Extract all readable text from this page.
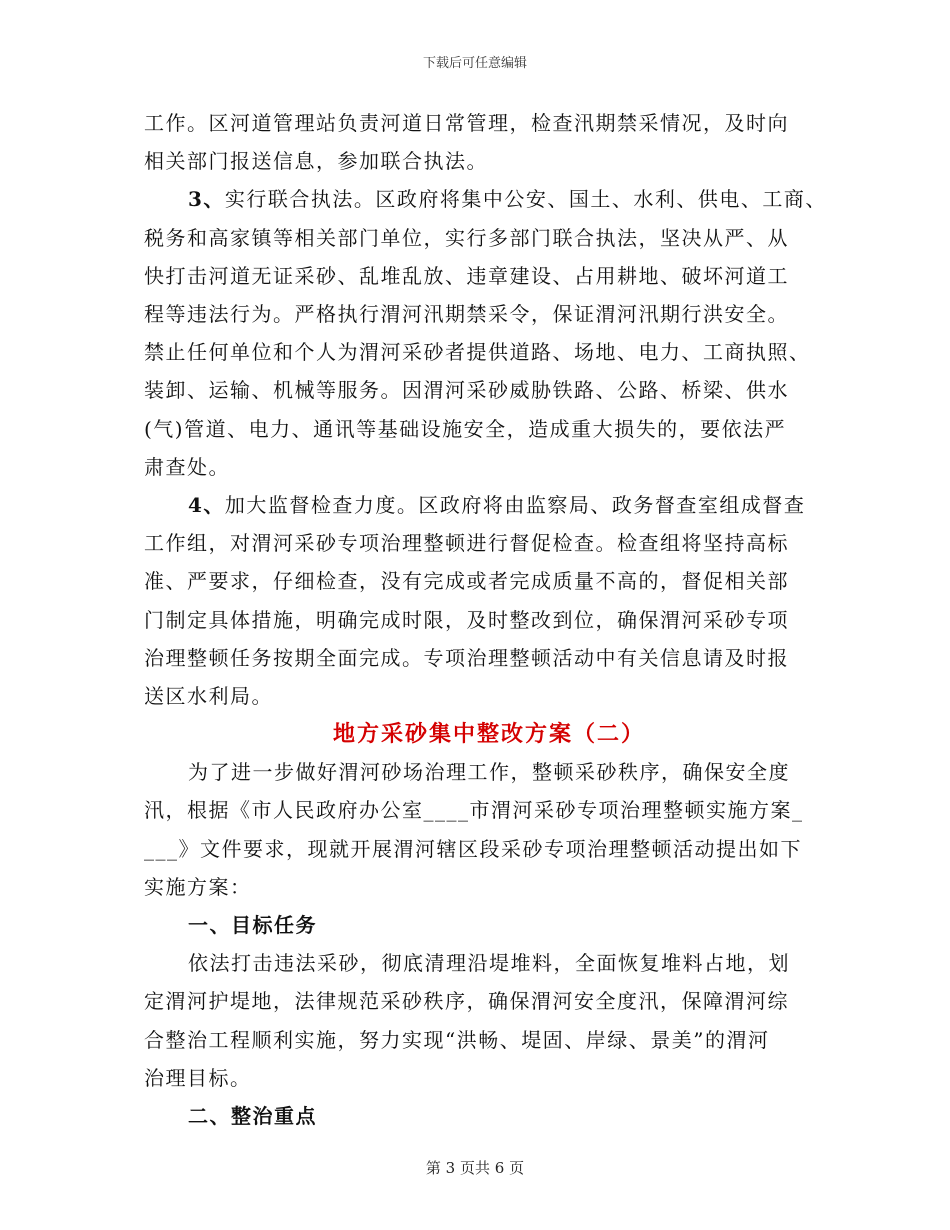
下载后可任意编辑

工作。区河道管理站负责河道日常管理，检查汛期禁采情况，及时向
相关部门报送信息，参加联合执法。

3、实行联合执法。区政府将集中公安、国土、水利、供电、工商、
税务和高家镇等相关部门单位，实行多部门联合执法，坚决从严、从
快打击河道无证采砂、乱堆乱放、违章建设、占用耕地、破坏河道工
程等违法行为。严格执行渭河汛期禁采令，保证渭河汛期行洪安全。
禁止任何单位和个人为渭河采砂者提供道路、场地、电力、工商执照、
装卸、运输、机械等服务。因渭河采砂威胁铁路、公路、桥梁、供水
(气)管道、电力、通讯等基础设施安全，造成重大损失的，要依法严
肃查处。

4、加大监督检查力度。区政府将由监察局、政务督查室组成督查
工作组，对渭河采砂专项治理整顿进行督促检查。检查组将坚持高标
准、严要求，仔细检查，没有完成或者完成质量不高的，督促相关部
门制定具体措施，明确完成时限，及时整改到位，确保渭河采砂专项
治理整顿任务按期全面完成。专项治理整顿活动中有关信息请及时报
送区水利局。

地方采砂集中整改方案（二）

为了进一步做好渭河砂场治理工作，整顿采砂秩序，确保安全度
汛，根据《市人民政府办公室____市渭河采砂专项治理整顿实施方案_
___》文件要求，现就开展渭河辖区段采砂专项治理整顿活动提出如下
实施方案：

一、目标任务

依法打击违法采砂，彻底清理沿堤堆料，全面恢复堆料占地，划
定渭河护堤地，法律规范采砂秩序，确保渭河安全度汛，保障渭河综
合整治工程顺利实施，努力实现“洪畅、堤固、岸绿、景美”的渭河
治理目标。

二、整治重点

第 3 页共 6 页
